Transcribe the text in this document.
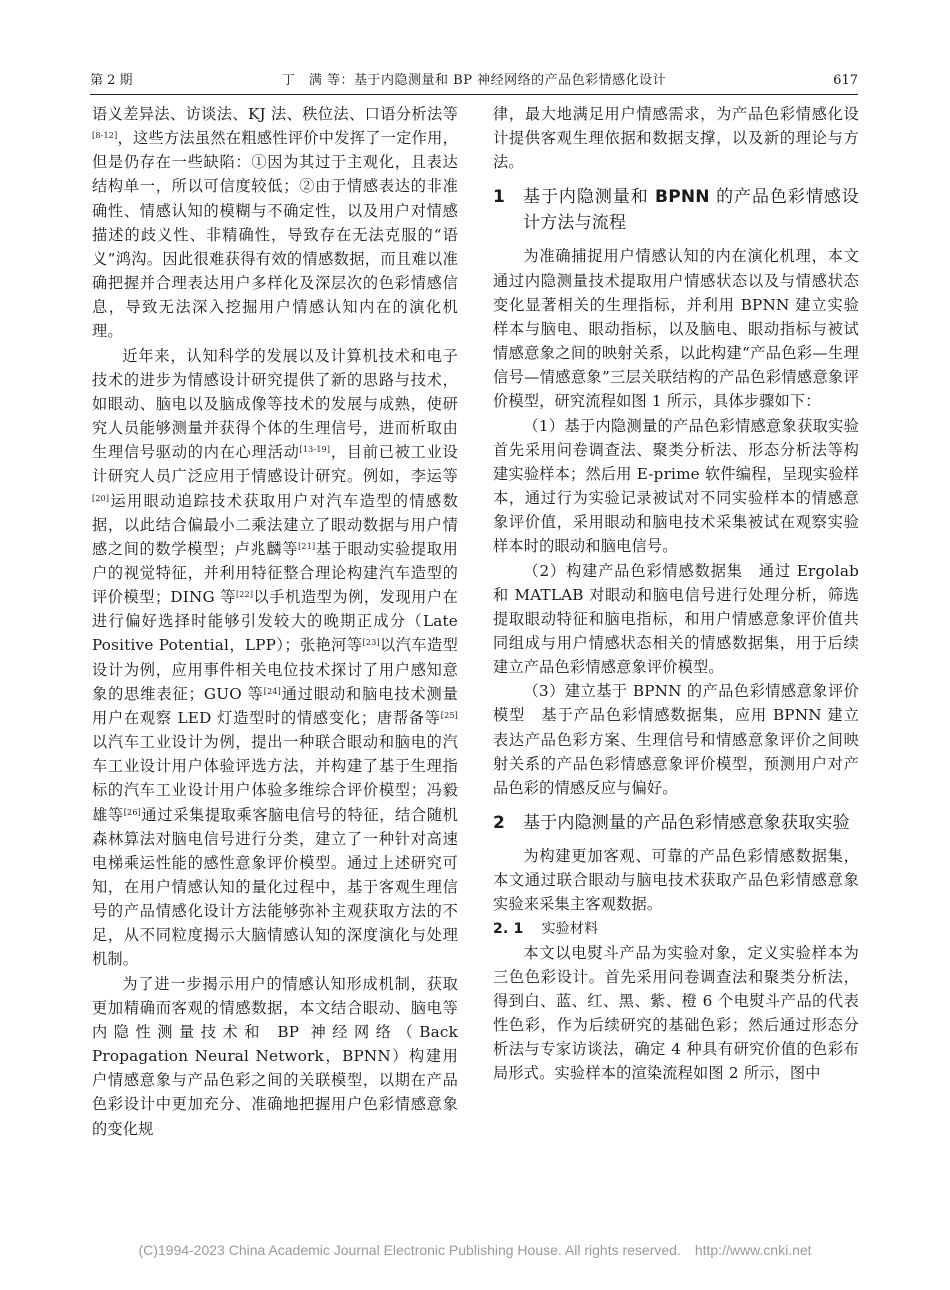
第 2 期	丁　满 等：基于内隐测量和 BP 神经网络的产品色彩情感化设计	617

语义差异法、访谈法、KJ 法、秩位法、口语分析法等[8-12]，这些方法虽然在粗感性评价中发挥了一定作用，但是仍存在一些缺陷：①因为其过于主观化，且表达结构单一，所以可信度较低；②由于情感表达的非准确性、情感认知的模糊与不确定性，以及用户对情感描述的歧义性、非精确性，导致存在无法克服的“语义”鸿沟。因此很难获得有效的情感数据，而且难以准确把握并合理表达用户多样化及深层次的色彩情感信息，导致无法深入挖掘用户情感认知内在的演化机理。

近年来，认知科学的发展以及计算机技术和电子技术的进步为情感设计研究提供了新的思路与技术，如眼动、脑电以及脑成像等技术的发展与成熟，使研究人员能够测量并获得个体的生理信号，进而析取由生理信号驱动的内在心理活动[13-19]，目前已被工业设计研究人员广泛应用于情感设计研究。例如，李运等[20]运用眼动追踪技术获取用户对汽车造型的情感数据，以此结合偏最小二乘法建立了眼动数据与用户情感之间的数学模型；卢兆麟等[21]基于眼动实验提取用户的视觉特征，并利用特征整合理论构建汽车造型的评价模型；DING 等[22]以手机造型为例，发现用户在进行偏好选择时能够引发较大的晚期正成分（Late Positive Potential，LPP）；张艳河等[23]以汽车造型设计为例，应用事件相关电位技术探讨了用户感知意象的思维表征；GUO 等[24]通过眼动和脑电技术测量用户在观察 LED 灯造型时的情感变化；唐帮备等[25]以汽车工业设计为例，提出一种联合眼动和脑电的汽车工业设计用户体验评选方法，并构建了基于生理指标的汽车工业设计用户体验多维综合评价模型；冯毅雄等[26]通过采集提取乘客脑电信号的特征，结合随机森林算法对脑电信号进行分类，建立了一种针对高速电梯乘运性能的感性意象评价模型。通过上述研究可知，在用户情感认知的量化过程中，基于客观生理信号的产品情感化设计方法能够弥补主观获取方法的不足，从不同粒度揭示大脑情感认知的深度演化与处理机制。

为了进一步揭示用户的情感认知形成机制，获取更加精确而客观的情感数据，本文结合眼动、脑电等内隐性测量技术和 BP 神经网络（Back Propagation Neural Network，BPNN）构建用户情感意象与产品色彩之间的关联模型，以期在产品色彩设计中更加充分、准确地把握用户色彩情感意象的变化规

律，最大地满足用户情感需求，为产品色彩情感化设计提供客观生理依据和数据支撑，以及新的理论与方法。

1	基于内隐测量和 BPNN 的产品色彩情感设计方法与流程

为准确捕捉用户情感认知的内在演化机理，本文通过内隐测量技术提取用户情感状态以及与情感状态变化显著相关的生理指标，并利用 BPNN 建立实验样本与脑电、眼动指标，以及脑电、眼动指标与被试情感意象之间的映射关系，以此构建“产品色彩—生理信号—情感意象”三层关联结构的产品色彩情感意象评价模型，研究流程如图 1 所示，具体步骤如下：

（1）基于内隐测量的产品色彩情感意象获取实验　首先采用问卷调查法、聚类分析法、形态分析法等构建实验样本；然后用 E-prime 软件编程，呈现实验样本，通过行为实验记录被试对不同实验样本的情感意象评价值，采用眼动和脑电技术采集被试在观察实验样本时的眼动和脑电信号。

（2）构建产品色彩情感数据集　通过 Ergolab 和 MATLAB 对眼动和脑电信号进行处理分析，筛选提取眼动特征和脑电指标，和用户情感意象评价值共同组成与用户情感状态相关的情感数据集，用于后续建立产品色彩情感意象评价模型。

（3）建立基于 BPNN 的产品色彩情感意象评价模型　基于产品色彩情感数据集，应用 BPNN 建立表达产品色彩方案、生理信号和情感意象评价之间映射关系的产品色彩情感意象评价模型，预测用户对产品色彩的情感反应与偏好。

2	基于内隐测量的产品色彩情感意象获取实验

为构建更加客观、可靠的产品色彩情感数据集，本文通过联合眼动与脑电技术获取产品色彩情感意象实验来采集主客观数据。

2. 1 实验材料

本文以电熨斗产品为实验对象，定义实验样本为三色色彩设计。首先采用问卷调查法和聚类分析法，得到白、蓝、红、黑、紫、橙 6 个电熨斗产品的代表性色彩，作为后续研究的基础色彩；然后通过形态分析法与专家访谈法，确定 4 种具有研究价值的色彩布局形式。实验样本的渲染流程如图 2 所示，图中

(C)1994-2023 China Academic Journal Electronic Publishing House. All rights reserved.　http://www.cnki.net
